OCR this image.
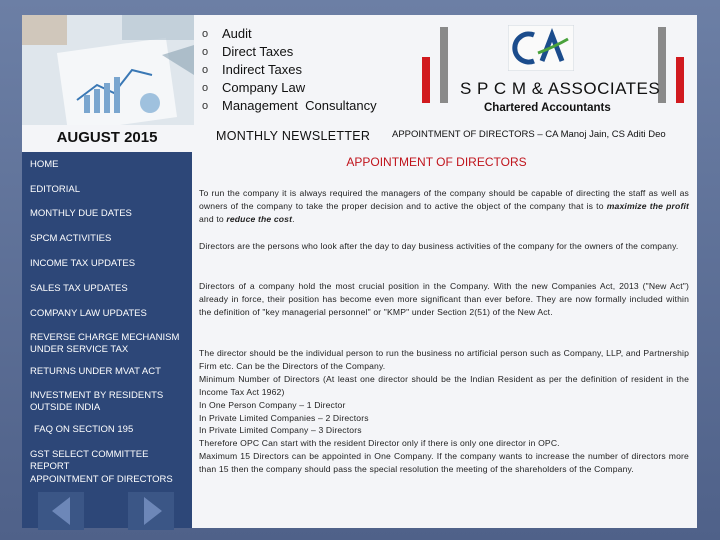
o	Audit
o	Direct Taxes
o	Indirect Taxes
o	Company Law
o	Management  Consultancy
S P C M & ASSOCIATES
Chartered Accountants
AUGUST 2015	MONTHLY NEWSLETTER APPOINTMENT OF DIRECTORS – CA Manoj Jain, CS Aditi Deo
HOME
EDITORIAL
MONTHLY DUE DATES
SPCM ACTIVITIES
INCOME TAX UPDATES
SALES TAX UPDATES
COMPANY LAW UPDATES
REVERSE CHARGE MECHANISM UNDER SERVICE TAX
RETURNS UNDER MVAT ACT
INVESTMENT BY RESIDENTS OUTSIDE INDIA
FAQ ON SECTION 195
GST SELECT COMMITTEE REPORT
APPOINTMENT OF DIRECTORS
APPOINTMENT OF DIRECTORS
To run the company it is always required the managers of the company should be capable of directing the staff as well as owners of the company to take the proper decision and to active the object of the company that is to maximize the profit and to reduce the cost.
Directors are the persons who look after the day to day business activities of the company for the owners of the company.
Directors of a company hold the most crucial position in the Company. With the new Companies Act, 2013 ("New Act") already in force, their position has become even more significant than ever before. They are now formally included within the definition of "key managerial personnel" or "KMP" under Section 2(51) of the New Act.
The director should be the individual person to run the business no artificial person such as Company, LLP, and Partnership Firm etc. Can be the Directors of the Company.
Minimum Number of Directors (At least one director should be the Indian Resident as per the definition of resident in the Income Tax Act 1962)
In One Person Company – 1 Director
In Private Limited Companies – 2 Directors
In Private Limited Company – 3 Directors
Therefore OPC Can start with the resident Director only if there is only one director in OPC.
Maximum 15 Directors can be appointed in One Company. If the company wants to increase the number of directors more than 15 then the company should pass the special resolution the meeting of the shareholders of the Company.
